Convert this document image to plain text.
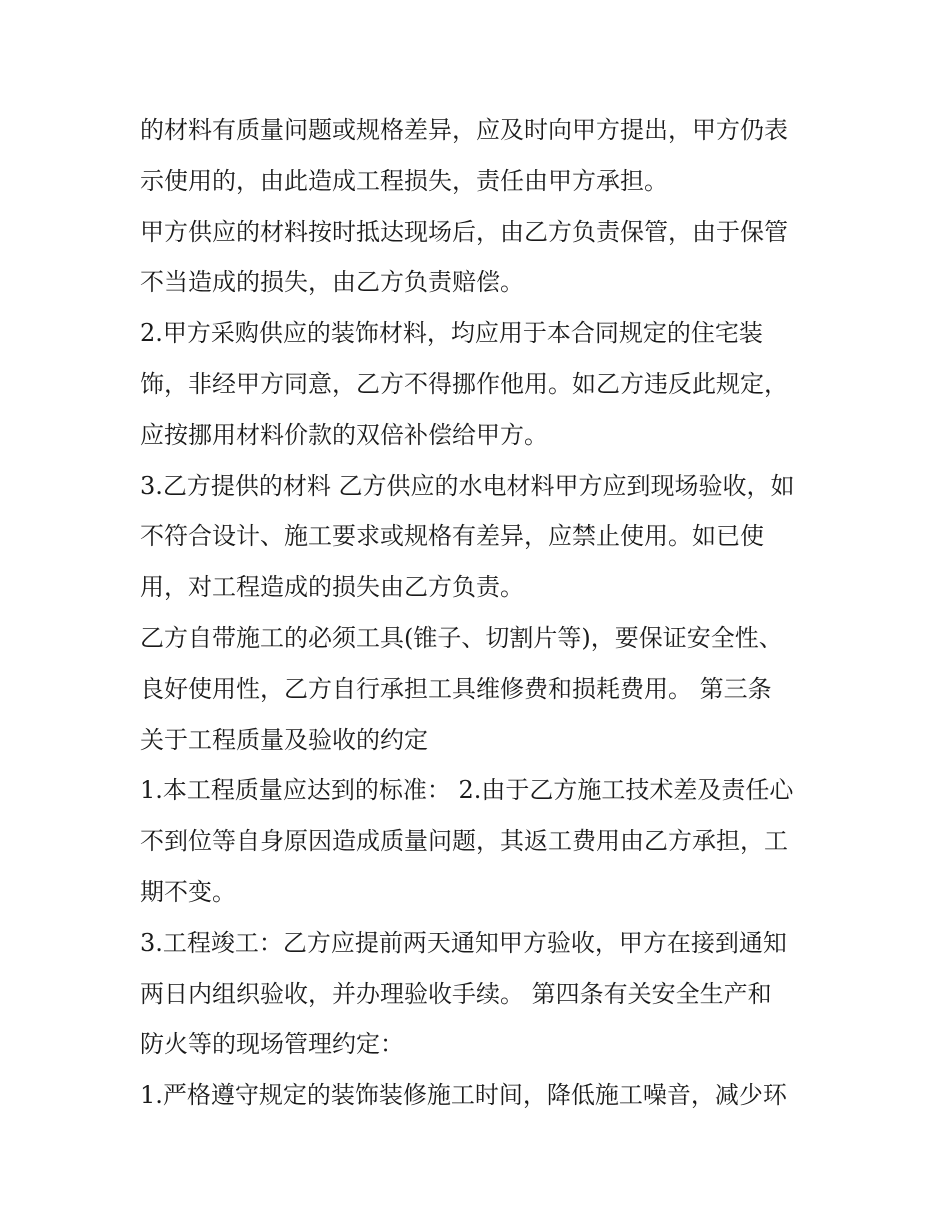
的材料有质量问题或规格差异，应及时向甲方提出，甲方仍表
示使用的，由此造成工程损失，责任由甲方承担。
甲方供应的材料按时抵达现场后，由乙方负责保管，由于保管
不当造成的损失，由乙方负责赔偿。
2.甲方采购供应的装饰材料，均应用于本合同规定的住宅装
饰，非经甲方同意，乙方不得挪作他用。如乙方违反此规定，
应按挪用材料价款的双倍补偿给甲方。
3.乙方提供的材料 乙方供应的水电材料甲方应到现场验收，如
不符合设计、施工要求或规格有差异，应禁止使用。如已使
用，对工程造成的损失由乙方负责。
乙方自带施工的必须工具(锥子、切割片等)，要保证安全性、
良好使用性，乙方自行承担工具维修费和损耗费用。 第三条
关于工程质量及验收的约定
1.本工程质量应达到的标准： 2.由于乙方施工技术差及责任心
不到位等自身原因造成质量问题，其返工费用由乙方承担，工
期不变。
3.工程竣工：乙方应提前两天通知甲方验收，甲方在接到通知
两日内组织验收，并办理验收手续。 第四条有关安全生产和
防火等的现场管理约定：
1.严格遵守规定的装饰装修施工时间，降低施工噪音，减少环
